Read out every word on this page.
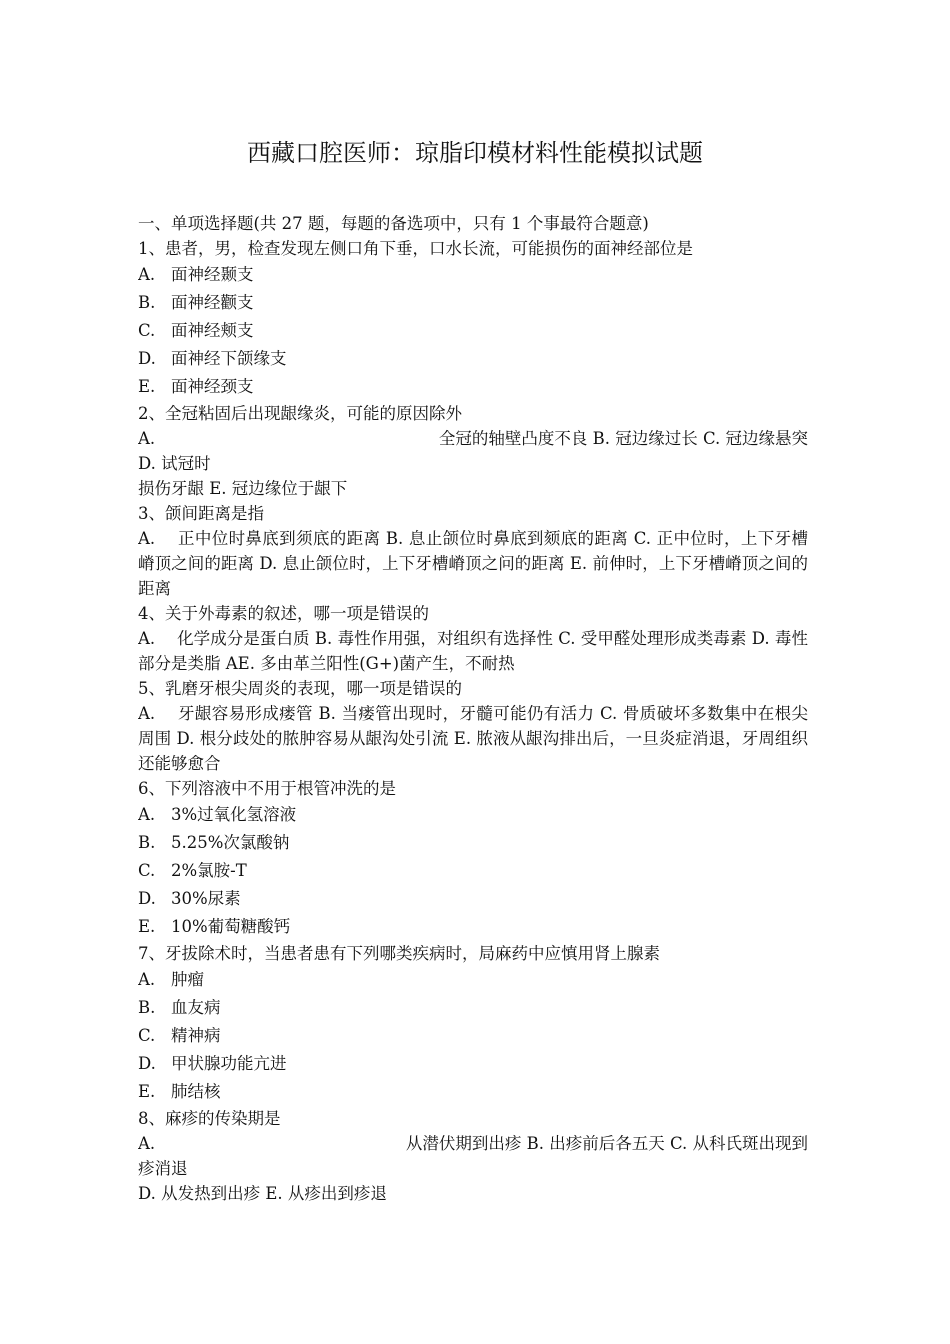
西藏口腔医师：琼脂印模材料性能模拟试题
一、单项选择题(共 27 题，每题的备选项中，只有 1 个事最符合题意)
1、患者，男，检查发现左侧口角下垂，口水长流，可能损伤的面神经部位是
A. 面神经颞支
B. 面神经颧支
C. 面神经颊支
D. 面神经下颌缘支
E. 面神经颈支
2、全冠粘固后出现龈缘炎，可能的原因除外
A.	全冠的轴壁凸度不良 B. 冠边缘过长 C. 冠边缘悬突
D. 试冠时
损伤牙龈 E. 冠边缘位于龈下
3、颌间距离是指
A.　 正中位时鼻底到须底的距离 B. 息止颌位时鼻底到颏底的距离 C. 正中位时，上下牙槽嵴顶之间的距离 D. 息止颌位时，上下牙槽嵴顶之问的距离 E. 前伸时，上下牙槽嵴顶之间的距离
4、关于外毒素的叙述，哪一项是错误的
A.　 化学成分是蛋白质 B. 毒性作用强，对组织有选择性 C. 受甲醛处理形成类毒素 D. 毒性部分是类脂 AE. 多由革兰阳性(G+)菌产生，不耐热
5、乳磨牙根尖周炎的表现，哪一项是错误的
A.　 牙龈容易形成瘘管 B. 当瘘管出现时，牙髓可能仍有活力 C. 骨质破坏多数集中在根尖周围 D. 根分歧处的脓肿容易从龈沟处引流 E. 脓液从龈沟排出后，一旦炎症消退，牙周组织还能够愈合
6、下列溶液中不用于根管冲洗的是
A. 3%过氧化氢溶液
B. 5.25%次氯酸钠
C. 2%氯胺-T
D. 30%尿素
E. 10%葡萄糖酸钙
7、牙拔除术时，当患者患有下列哪类疾病时，局麻药中应慎用肾上腺素
A. 肿瘤
B. 血友病
C. 精神病
D. 甲状腺功能亢进
E. 肺结核
8、麻疹的传染期是
A.	从潜伏期到出疹 B. 出疹前后各五天 C. 从科氏斑出现到
疹消退
D. 从发热到出疹 E. 从疹出到疹退
